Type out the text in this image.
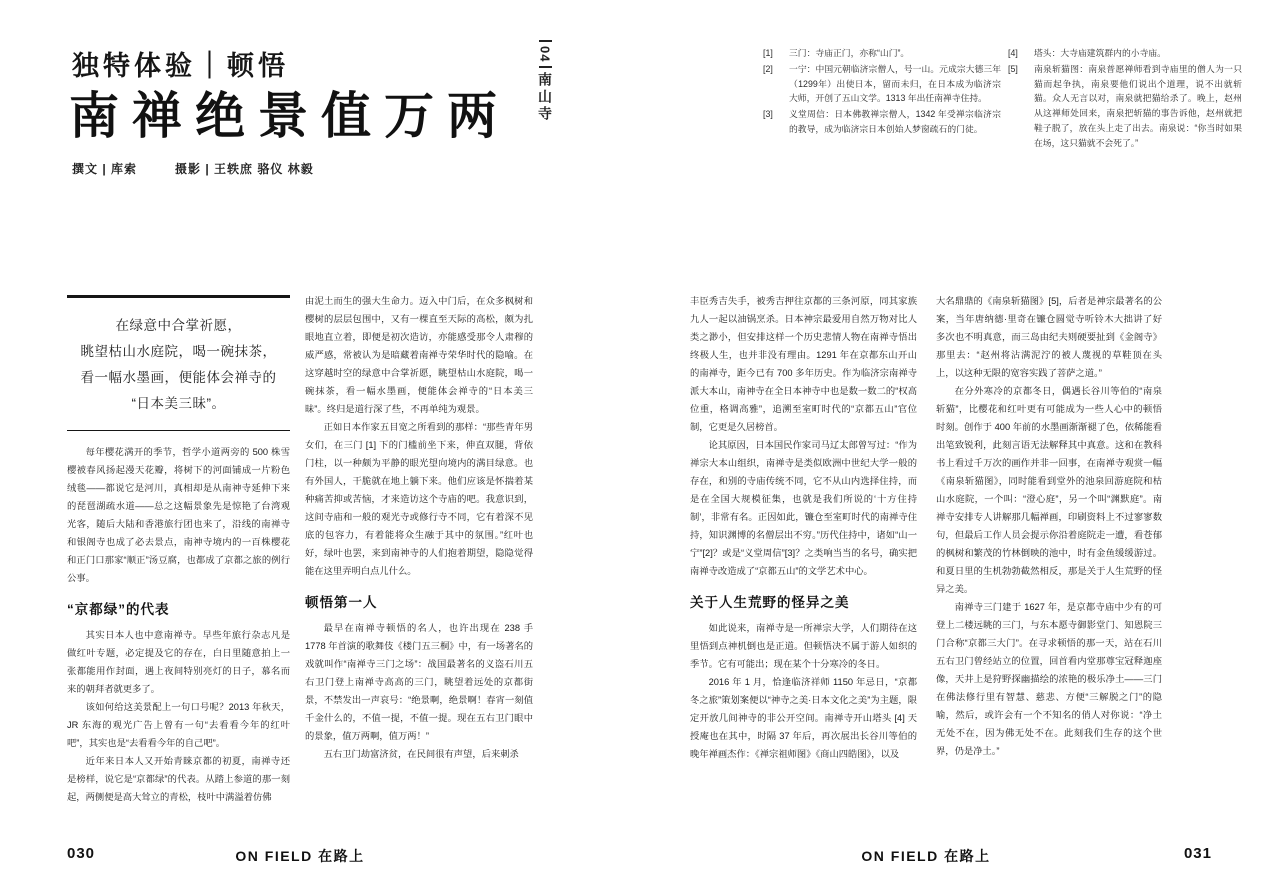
独特体验｜顿悟
南禅绝景值万两
撰文 | 库索	摄影 | 王轶庶 骆仪 林毅
04
南山寺
在绿意中合掌祈愿，
眺望枯山水庭院，喝一碗抹茶，
看一幅水墨画，便能体会禅寺的
“日本美三昧”。

每年樱花满开的季节，哲学小道两旁的 500 株雪樱被春风扬起漫天花瓣，将树下的河面铺成一片粉色绒毯——都说它是河川，真相却是从南神寺延伸下来的琵琶湖疏水道——总之这幅景象先是惊艳了台湾观光客，随后大陆和香港旅行团也来了，沿线的南禅寺和银阁寺也成了必去景点，南神寺境内的一百株樱花和正门口那家“顺正”汤豆腐，也都成了京都之旅的例行公事。

“京都绿”的代表

其实日本人也中意南禅寺。早些年旅行杂志凡是做红叶专题，必定提及它的存在，白日里随意拍上一张都能用作封面，遇上夜间特别亮灯的日子，慕名而来的朝拜者就更多了。

该如何给这美景配上一句口号呢？2013 年秋天，JR 东海的观光广告上曾有一句“去看看今年的红叶吧”，其实也是“去看看今年的自己吧”。

近年来日本人又开始青睐京都的初夏，南禅寺还是榜样，说它是“京都绿”的代表。从踏上参道的那一刻起，两侧便是高大耸立的青松，枝叶中满溢着仿佛

由泥土而生的强大生命力。迈入中门后，在众多枫树和樱树的层层包围中，又有一棵直至天际的高松，颇为扎眼地直立着，即便是初次造访，亦能感受那令人肃穆的威严感，常被认为是暗藏着南禅寺荣华时代的隐喻。在这穿越时空的绿意中合掌祈愿，眺望枯山水庭院，喝一碗抹茶，看一幅水墨画，便能体会禅寺的“日本美三昧”。终归是道行深了些，不再单纯为观景。

正如日本作家五目宽之所看到的那样：“那些青年男女们，在三门 [1] 下的门槛前坐下来，伸直双腿，背依门柱，以一种颇为平静的眼光望向境内的满目绿意。也有外国人，干脆就在地上躺下来。他们应该是怀揣着某种痛苦抑或苦恼，才来造访这个寺庙的吧。我意识到，这间寺庙和一般的观光寺或修行寺不同，它有着深不见底的包容力，有着能将众生融于其中的氛围。”红叶也好，绿叶也罢，来到南神寺的人们抱着期望，隐隐觉得能在这里弄明白点儿什么。

顿悟第一人

最早在南禅寺顿悟的名人，也许出现在 238 手 1778 年首演的歌舞伎《楼门五三桐》中，有一场著名的戏就叫作“南禅寺三门之场”：战国最著名的义盗石川五右卫门登上南禅寺高高的三门，眺望着远处的京都街景，不禁发出一声哀号：“绝景啊，绝景啊！春宵一刻值千金什么的，不值一提，不值一提。现在五右卫门眼中的景象，值万两啊，值万两！”

五右卫门劫富济贫，在民间很有声望，后来刺杀

030	ON FIELD 在路上
[1]	三门：寺庙正门，亦称“山门”。
[2]	一宁：中国元朝临济宗僧人，号一山。元成宗大德三年（1299年）出使日本，留而未归，在日本成为临济宗大师，开创了五山文学。1313 年出任南禅寺住持。
[3]	义堂周信：日本佛教禅宗僧人，1342 年受禅宗临济宗的教导，成为临济宗日本创始人梦窗疏石的门徒。
[4]	塔头：大寺庙建筑群内的小寺庙。
[5]	南泉斩猫图：南泉普愿禅师看到寺庙里的僧人为一只猫而起争执，南泉要他们说出个道理，说不出就斩猫。众人无言以对，南泉就把猫给杀了。晚上，赵州从这禅师处回来，南泉把斩猫的事告诉他，赵州就把鞋子脱了，放在头上走了出去。南泉说：“你当时如果在场，这只猫就不会死了。”

丰臣秀吉失手，被秀吉押往京都的三条河原，同其家族九人一起以油锅烹杀。日本神宗最爱用自然万物对比人类之渺小，但安排这样一个历史悲情人物在南禅寺悟出终极人生，也并非没有理由。1291 年在京都东山开山的南禅寺，距今已有 700 多年历史。作为临济宗南禅寺派大本山，南神寺在全日本神寺中也是数一数二的“权高位重，格调高雅”，追溯至室町时代的“京都五山”官位制，它更是久居榜首。

论其原因，日本国民作家司马辽太郎曾写过：“作为禅宗大本山组织，南禅寺是类似欧洲中世纪大学一般的存在，和别的寺庙传统不同，它不从山内选择住持，而是在全国大规模征集，也就是我们所说的‘十方住持制’，非常有名。正因如此，镰仓至室町时代的南禅寺住持，知识渊博的名僧层出不穷。”历代住持中，诸如“山一宁”[2]？或是“义堂周信”[3]？之类响当当的名号，确实把南禅寺改造成了“京都五山”的文学艺术中心。

关于人生荒野的怪异之美

如此说来，南禅寺是一所禅宗大学，人们期待在这里悟到点神机倒也是正道。但顿悟决不属于游人如织的季节。它有可能出；现在某个十分寒冷的冬日。

2016 年 1 月，恰逢临济祥师 1150 年忌日，“京都冬之旅”策划案便以“神寺之美·日本文化之美”为主题，限定开放几间神寺的非公开空间。南禅寺开山塔头 [4] 天授庵也在其中，时隔 37 年后，再次展出长谷川等伯的晚年禅画杰作：《禅宗祖师图》《商山四皓图》，以及

大名鼎鼎的《南泉斩猫图》[5]，后者是神宗最著名的公案，当年唐纳德·里奇在镰仓圆觉寺听铃木大拙讲了好多次也不明真意，而三岛由纪夫则硬要扯到《金阁寺》那里去：“赵州将沾满泥泞的被人蔑视的草鞋顶在头上，以这种无限的宽容实践了菩萨之道。”

在分外寒冷的京都冬日，偶遇长谷川等伯的“南泉斩猫”，比樱花和红叶更有可能成为一些人心中的顿悟时刻。创作于 400 年前的水墨画渐渐褪了色，依稀能看出笔致锐利，此刻言语无法解释其中真意。这和在教科书上看过千万次的画作并非一回事，在南禅寺观赏一幅《南泉斩猫图》，同时能看到堂外的池泉回游庭院和枯山水庭院，一个叫：“澄心庭”，另一个叫“渊默庭”。南禅寺安排专人讲解那几幅禅画，印刷资料上不过寥寥数句，但最后工作人员会提示你沿着庭院走一遭，看苍郁的枫树和繁茂的竹林倒映的池中，时有金鱼缓缓游过。和夏日里的生机勃勃截然相反，那是关于人生荒野的怪异之美。

南禅寺三门建于 1627 年，是京都寺庙中少有的可登上二楼远眺的三门，与东本愿寺御影堂门、知恩院三门合称“京都三大门”。在寻求顿悟的那一天，站在石川五右卫门曾经站立的位置，回首看内堂那尊宝冠释迦座像，天井上是狩野探幽描绘的浓艳的极乐净土——三门在佛法修行里有智慧、慈悲、方便“三解脱之门”的隐喻，然后，或许会有一个不知名的俏人对你说：“净土无处不在，因为佛无处不在。此刻我们生存的这个世界，仍是净土。”

ON FIELD 在路上	031
